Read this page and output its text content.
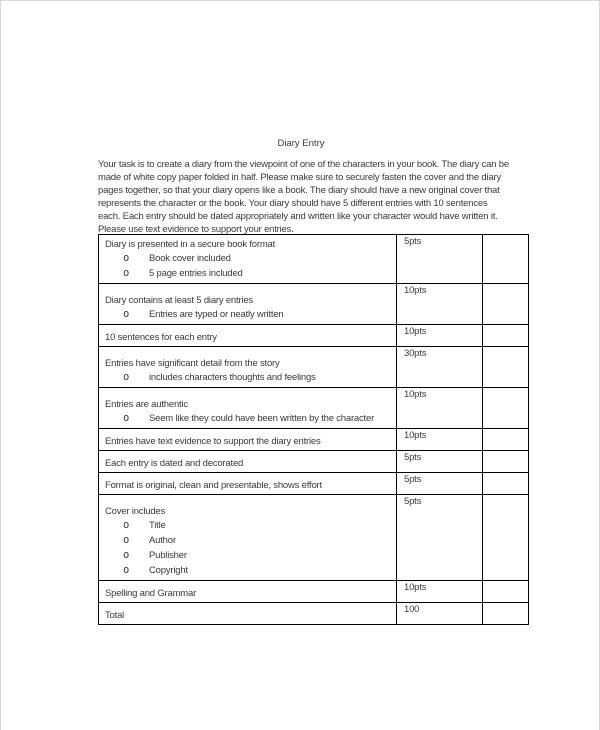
Diary Entry
Your task is to create a diary from the viewpoint of one of the characters in your book. The diary can be made of white copy paper folded in half. Please make sure to securely fasten the cover and the diary pages together, so that your diary opens like a book. The diary should have a new original cover that represents the character or the book. Your diary should have 5 different entries with 10 sentences each. Each entry should be dated appropriately and written like your character would have written it. Please use text evidence to support your entries.
Diary is presented in a secure book format
o Book cover included
o 5 page entries included	5pts	

Diary contains at least 5 diary entries
o Entries are typed or neatly written	10pts	

10 sentences for each entry	10pts	

Entries have significant detail from the story
o includes characters thoughts and feelings	30pts	

Entries are authentic
o Seem like they could have been written by the character	10pts	

Entries have text evidence to support the diary entries	10pts	

Each entry is dated and decorated	5pts	

Format is original, clean and presentable, shows effort	5pts	

Cover includes
o	Title
o	Author
o	Publisher
o	Copyright
	5pts	

Spelling and Grammar	10pts	

Total	100	
